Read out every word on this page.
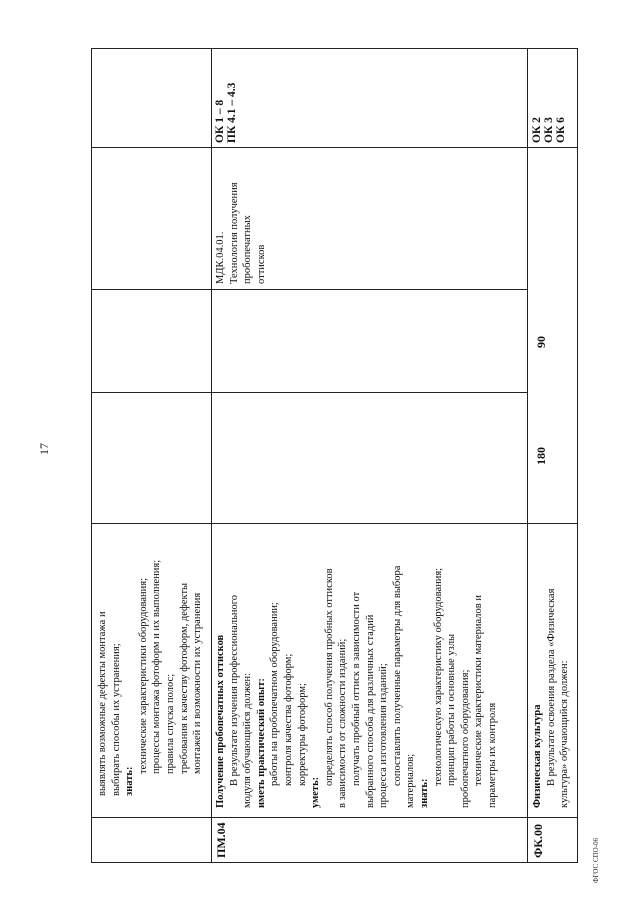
17
ФГОС СПО-06
выявлять возможные дефекты монтажа и выбирать способы их устранения; знать:
технические характеристики оборудования; процессы монтажа фотоформ и их выполнения; правила спуска полос; требования к качеству фотоформ, дефекты монтажей и возможности их устранения
ПМ.04
Получение пробопечатных оттисков В результате изучения профессионального модуля обучающийся должен: иметь практический опыт: работы на пробопечатном оборудовании; контроля качества фотоформ; корректуры фотоформ;
уметь:
определять способ получения пробных оттисков в зависимости от сложности изданий; получать пробный оттиск в зависимости от выбранного способа для различных стадий процесса изготовления изданий; сопоставлять полученные параметры для выбора материалов; знать:
технологическую характеристику оборудования; принцип работы и основные узлы пробопечатного оборудования; технические характеристики материалов и параметры их контроля
180
90
МДК.04.01. Технология получения пробопечатных оттисков
ОК 1 – 8 ПК 4.1 – 4.3
ФК.00
Физическая культура В результате освоения раздела «Физическая культура» обучающийся должен:
ОК 2 ОК 3 ОК 6
